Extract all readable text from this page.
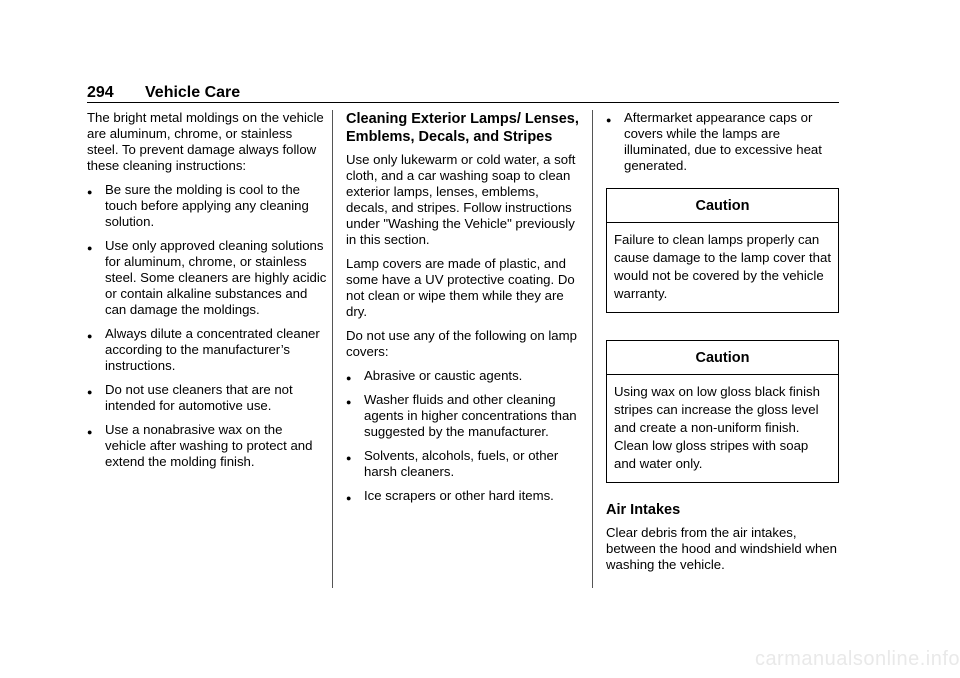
294 Vehicle Care

The bright metal moldings on the vehicle are aluminum, chrome, or stainless steel. To prevent damage always follow these cleaning instructions:

● Be sure the molding is cool to the touch before applying any cleaning solution.
● Use only approved cleaning solutions for aluminum, chrome, or stainless steel. Some cleaners are highly acidic or contain alkaline substances and can damage the moldings.
● Always dilute a concentrated cleaner according to the manufacturer’s instructions.
● Do not use cleaners that are not intended for automotive use.
● Use a nonabrasive wax on the vehicle after washing to protect and extend the molding finish.
Cleaning Exterior Lamps/ Lenses, Emblems, Decals, and Stripes

Use only lukewarm or cold water, a soft cloth, and a car washing soap to clean exterior lamps, lenses, emblems, decals, and stripes. Follow instructions under "Washing the Vehicle" previously in this section.

Lamp covers are made of plastic, and some have a UV protective coating. Do not clean or wipe them while they are dry.

Do not use any of the following on lamp covers:

● Abrasive or caustic agents.
● Washer fluids and other cleaning agents in higher concentrations than suggested by the manufacturer.
● Solvents, alcohols, fuels, or other harsh cleaners.
● Ice scrapers or other hard items.
● Aftermarket appearance caps or covers while the lamps are illuminated, due to excessive heat generated.
Caution
Failure to clean lamps properly can cause damage to the lamp cover that would not be covered by the vehicle warranty.
Caution
Using wax on low gloss black finish stripes can increase the gloss level and create a non-uniform finish. Clean low gloss stripes with soap and water only.
Air Intakes

Clear debris from the air intakes, between the hood and windshield when washing the vehicle.

carmanualsonline.info
